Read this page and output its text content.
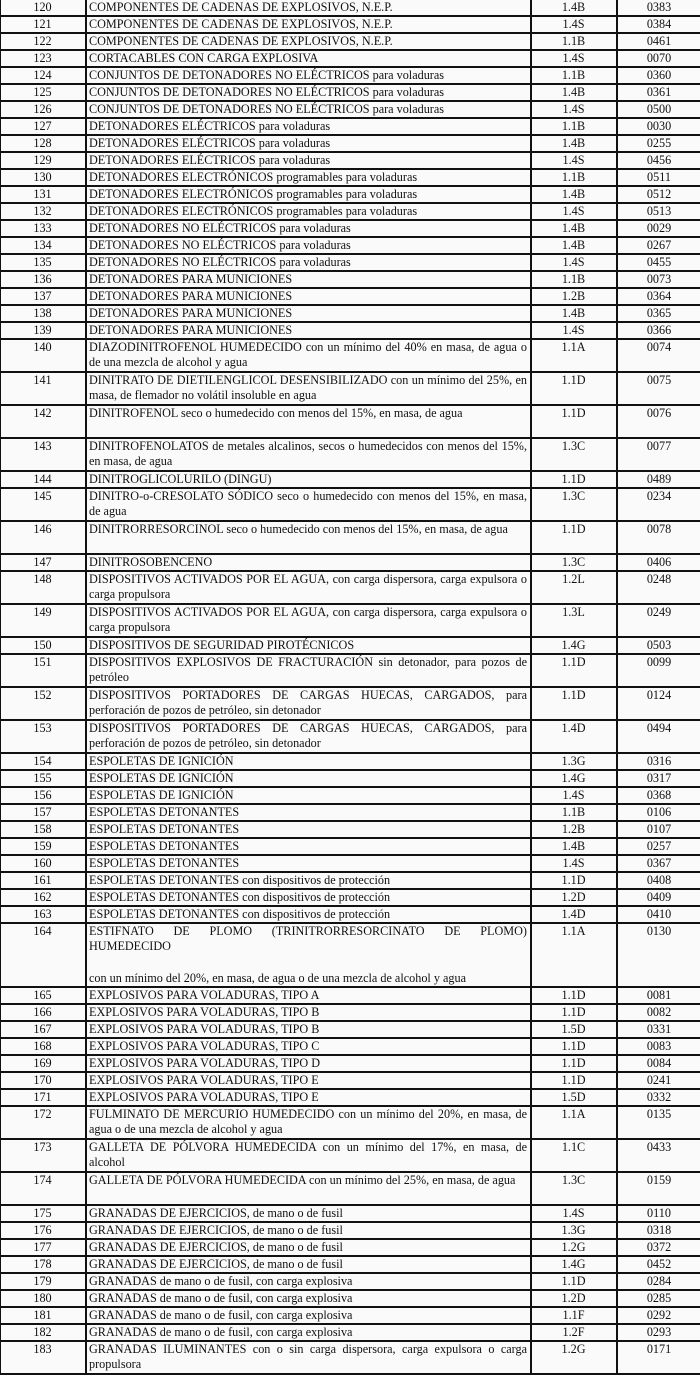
120	COMPONENTES DE CADENAS DE EXPLOSIVOS, N.E.P.	1.4B	0383
121	COMPONENTES DE CADENAS DE EXPLOSIVOS, N.E.P.	1.4S	0384
122	COMPONENTES DE CADENAS DE EXPLOSIVOS, N.E.P.	1.1B	0461
123	CORTACABLES CON CARGA EXPLOSIVA	1.4S	0070
124	CONJUNTOS DE DETONADORES NO ELÉCTRICOS para voladuras	1.1B	0360
125	CONJUNTOS DE DETONADORES NO ELÉCTRICOS para voladuras	1.4B	0361
126	CONJUNTOS DE DETONADORES NO ELÉCTRICOS para voladuras	1.4S	0500
127	DETONADORES ELÉCTRICOS para voladuras	1.1B	0030
128	DETONADORES ELÉCTRICOS para voladuras	1.4B	0255
129	DETONADORES ELÉCTRICOS para voladuras	1.4S	0456
130	DETONADORES ELECTRÓNICOS programables para voladuras	1.1B	0511
131	DETONADORES ELECTRÓNICOS programables para voladuras	1.4B	0512
132	DETONADORES ELECTRÓNICOS programables para voladuras	1.4S	0513
133	DETONADORES NO ELÉCTRICOS para voladuras	1.4B	0029
134	DETONADORES NO ELÉCTRICOS para voladuras	1.4B	0267
135	DETONADORES NO ELÉCTRICOS para voladuras	1.4S	0455
136	DETONADORES PARA MUNICIONES	1.1B	0073
137	DETONADORES PARA MUNICIONES	1.2B	0364
138	DETONADORES PARA MUNICIONES	1.4B	0365
139	DETONADORES PARA MUNICIONES	1.4S	0366
140	DIAZODINITROFENOL HUMEDECIDO con un mínimo del 40% en masa, de agua o de una mezcla de alcohol y agua	1.1A	0074
141	DINITRATO DE DIETILENGLICOL DESENSIBILIZADO con un mínimo del 25%, en masa, de flemador no volátil insoluble en agua	1.1D	0075
142	DINITROFENOL seco o humedecido con menos del 15%, en masa, de agua	1.1D	0076
143	DINITROFENOLATOS de metales alcalinos, secos o humedecidos con menos del 15%, en masa, de agua	1.3C	0077
144	DINITROGLICOLURILO (DINGU)	1.1D	0489
145	DINITRO-o-CRESOLATO SÓDICO seco o humedecido con menos del 15%, en masa, de agua	1.3C	0234
146	DINITRORRESORCINOL seco o humedecido con menos del 15%, en masa, de agua	1.1D	0078
147	DINITROSOBENCENO	1.3C	0406
148	DISPOSITIVOS ACTIVADOS POR EL AGUA, con carga dispersora, carga expulsora o carga propulsora	1.2L	0248
149	DISPOSITIVOS ACTIVADOS POR EL AGUA, con carga dispersora, carga expulsora o carga propulsora	1.3L	0249
150	DISPOSITIVOS DE SEGURIDAD PIROTÉCNICOS	1.4G	0503
151	DISPOSITIVOS EXPLOSIVOS DE FRACTURACIÓN sin detonador, para pozos de petróleo	1.1D	0099
152	DISPOSITIVOS PORTADORES DE CARGAS HUECAS, CARGADOS, para perforación de pozos de petróleo, sin detonador	1.1D	0124
153	DISPOSITIVOS PORTADORES DE CARGAS HUECAS, CARGADOS, para perforación de pozos de petróleo, sin detonador	1.4D	0494
154	ESPOLETAS DE IGNICIÓN	1.3G	0316
155	ESPOLETAS DE IGNICIÓN	1.4G	0317
156	ESPOLETAS DE IGNICIÓN	1.4S	0368
157	ESPOLETAS DETONANTES	1.1B	0106
158	ESPOLETAS DETONANTES	1.2B	0107
159	ESPOLETAS DETONANTES	1.4B	0257
160	ESPOLETAS DETONANTES	1.4S	0367
161	ESPOLETAS DETONANTES con dispositivos de protección	1.1D	0408
162	ESPOLETAS DETONANTES con dispositivos de protección	1.2D	0409
163	ESPOLETAS DETONANTES con dispositivos de protección	1.4D	0410
164	ESTIFNATO DE PLOMO (TRINITRORRESORCINATO DE PLOMO) HUMEDECIDO
con un mínimo del 20%, en masa, de agua o de una mezcla de alcohol y agua	1.1A	0130
165	EXPLOSIVOS PARA VOLADURAS, TIPO A	1.1D	0081
166	EXPLOSIVOS PARA VOLADURAS, TIPO B	1.1D	0082
167	EXPLOSIVOS PARA VOLADURAS, TIPO B	1.5D	0331
168	EXPLOSIVOS PARA VOLADURAS, TIPO C	1.1D	0083
169	EXPLOSIVOS PARA VOLADURAS, TIPO D	1.1D	0084
170	EXPLOSIVOS PARA VOLADURAS, TIPO E	1.1D	0241
171	EXPLOSIVOS PARA VOLADURAS, TIPO E	1.5D	0332
172	FULMINATO DE MERCURIO HUMEDECIDO con un mínimo del 20%, en masa, de agua o de una mezcla de alcohol y agua	1.1A	0135
173	GALLETA DE PÓLVORA HUMEDECIDA con un mínimo del 17%, en masa, de alcohol	1.1C	0433
174	GALLETA DE PÓLVORA HUMEDECIDA con un mínimo del 25%, en masa, de agua	1.3C	0159
175	GRANADAS DE EJERCICIOS, de mano o de fusil	1.4S	0110
176	GRANADAS DE EJERCICIOS, de mano o de fusil	1.3G	0318
177	GRANADAS DE EJERCICIOS, de mano o de fusil	1.2G	0372
178	GRANADAS DE EJERCICIOS, de mano o de fusil	1.4G	0452
179	GRANADAS de mano o de fusil, con carga explosiva	1.1D	0284
180	GRANADAS de mano o de fusil, con carga explosiva	1.2D	0285
181	GRANADAS de mano o de fusil, con carga explosiva	1.1F	0292
182	GRANADAS de mano o de fusil, con carga explosiva	1.2F	0293
183	GRANADAS ILUMINANTES con o sin carga dispersora, carga expulsora o carga propulsora	1.2G	0171
